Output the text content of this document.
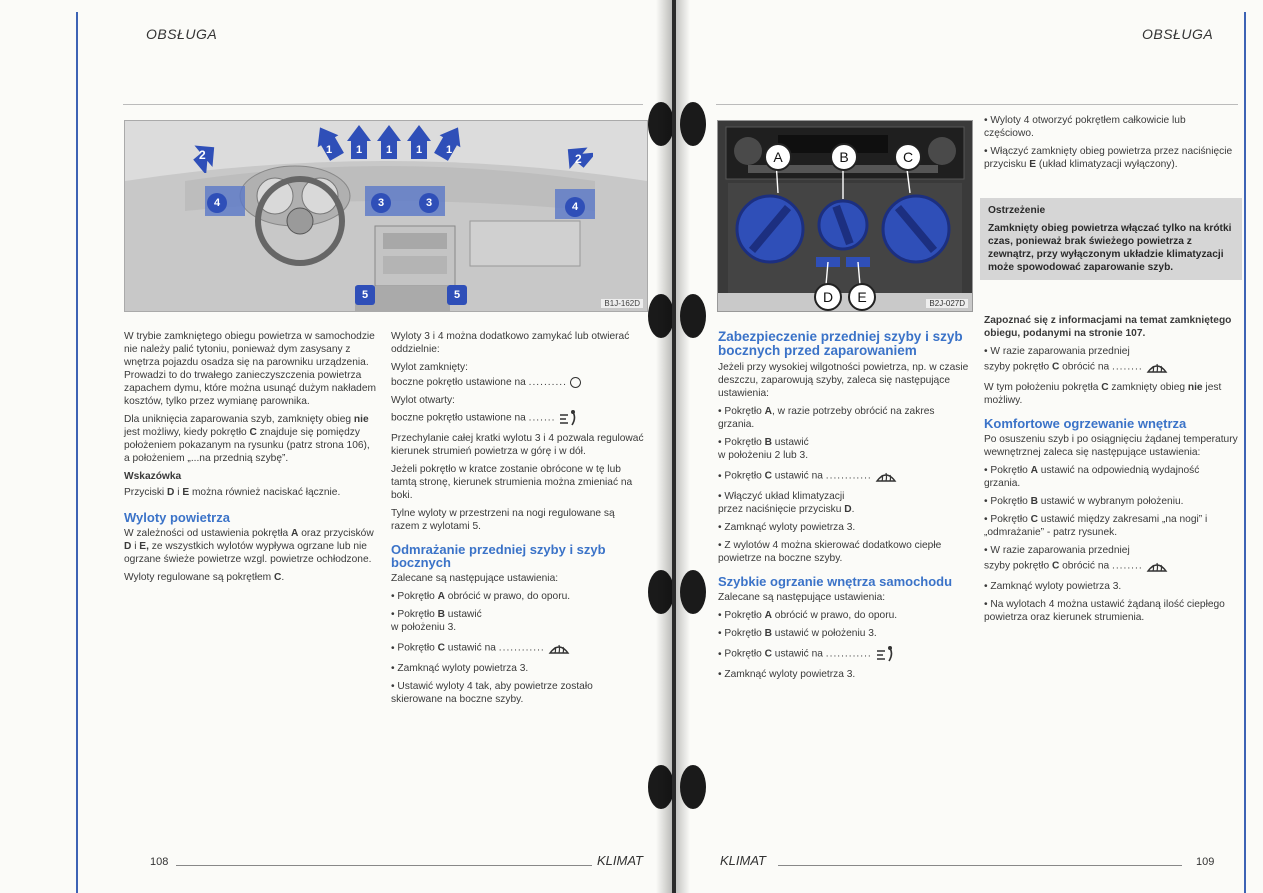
OBSŁUGA
2	2
1 1 1 1 1
4	4
3	3
5	5
B1J-162D

W trybie zamkniętego obiegu powietrza w samochodzie nie należy palić tytoniu, ponieważ dym zasysany z wnętrza pojazdu osadza się na parowniku urządzenia. Prowadzi to do trwałego zanieczyszczenia powietrza zapachem dymu, które można usunąć dużym nakładem kosztów, tylko przez wymianę parownika.

Dla uniknięcia zaparowania szyb, zamknięty obieg nie jest możliwy, kiedy pokrętło C znajduje się pomiędzy położeniem pokazanym na rysunku (patrz strona 106), a położeniem „...na przednią szybę”.

Wskazówka

Przyciski D i E można również naciskać łącznie.

Wyloty powietrza

W zależności od ustawienia pokrętła A oraz przycisków D i E, ze wszystkich wylotów wypływa ogrzane lub nie ogrzane świeże powietrze wzgl. powietrze ochłodzone.

Wyloty regulowane są pokrętłem C.

Wyloty 3 i 4 można dodatkowo zamykać lub otwierać oddzielnie:

Wylot zamknięty:

boczne pokrętło ustawione na ..........

Wylot otwarty:

boczne pokrętło ustawione na .......

Przechylanie całej kratki wylotu 3 i 4 pozwala regulować kierunek strumień powietrza w górę i w dół.

Jeżeli pokrętło w kratce zostanie obrócone w tę lub tamtą stronę, kierunek strumienia można zmieniać na boki.

Tylne wyloty w przestrzeni na nogi regulowane są razem z wylotami 5.

Odmrażanie przedniej szyby i szyb bocznych

Zalecane są następujące ustawienia:

• Pokrętło A obrócić w prawo, do oporu.

• Pokrętło B ustawić
w położeniu 3.

• Pokrętło C ustawić na ............

• Zamknąć wyloty powietrza 3.

• Ustawić wyloty 4 tak, aby powietrze zostało skierowane na boczne szyby.

108	KLIMAT
OBSŁUGA
A	B	C
D	E	B2J-027D
Zabezpieczenie przedniej szyby i szyb bocznych przed zaparowaniem

Jeżeli przy wysokiej wilgotności powietrza, np. w czasie deszczu, zaparowują szyby, zaleca się następujące ustawienia:

• Pokrętło A, w razie potrzeby obrócić na zakres grzania.

• Pokrętło B ustawić
w położeniu 2 lub 3.

• Pokrętło C ustawić na ............

• Włączyć układ klimatyzacji
przez naciśnięcie przycisku D.

• Zamknąć wyloty powietrza 3.

• Z wylotów 4 można skierować dodatkowo ciepłe powietrze na boczne szyby.

Szybkie ogrzanie wnętrza samochodu

Zalecane są następujące ustawienia:

• Pokrętło A obrócić w prawo, do oporu.

• Pokrętło B ustawić w położeniu 3.

• Pokrętło C ustawić na ............

• Zamknąć wyloty powietrza 3.

• Wyloty 4 otworzyć pokrętłem całkowicie lub częściowo.

• Włączyć zamknięty obieg powietrza przez naciśnięcie przycisku E (układ klimatyzacji wyłączony).

Ostrzeżenie
Zamknięty obieg powietrza włączać tylko na krótki czas, ponieważ brak świeżego powietrza z zewnątrz, przy wyłączonym układzie klimatyzacji może spowodować zaparowanie szyb.

Zapoznać się z informacjami na temat zamkniętego obiegu, podanymi na stronie 107.

• W razie zaparowania przedniej
szyby pokrętło C obrócić na ........

W tym położeniu pokrętła C zamknięty obieg nie jest możliwy.

Komfortowe ogrzewanie wnętrza

Po osuszeniu szyb i po osiągnięciu żądanej temperatury wewnętrznej zaleca się następujące ustawienia:

• Pokrętło A ustawić na odpowiednią wydajność grzania.

• Pokrętło B ustawić w wybranym położeniu.

• Pokrętło C ustawić między zakresami „na nogi” i „odmrażanie” - patrz rysunek.

• W razie zaparowania przedniej
szyby pokrętło C obrócić na ........

• Zamknąć wyloty powietrza 3.

• Na wylotach 4 można ustawić żądaną ilość ciepłego powietrza oraz kierunek strumienia.

KLIMAT	109
